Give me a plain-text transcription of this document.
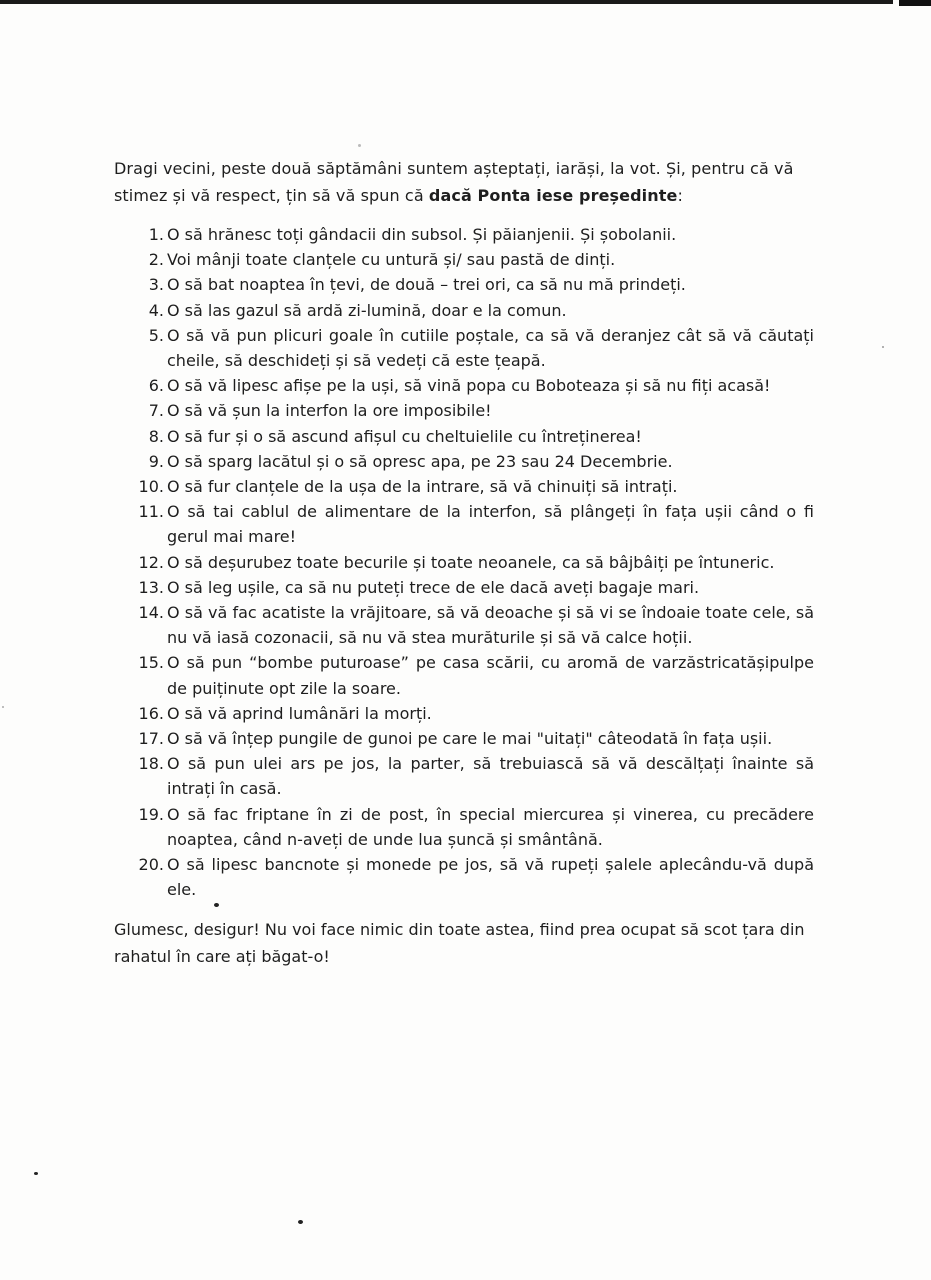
Dragi vecini, peste două săptămâni suntem așteptați, iarăși, la vot. Și, pentru că vă stimez și vă respect, țin să vă spun că dacă Ponta iese președinte:

1. O să hrănesc toți gândacii din subsol. Și păianjenii. Și șobolanii.
2. Voi mânji toate clanțele cu untură și/ sau pastă de dinți.
3. O să bat noaptea în țevi, de două – trei ori, ca să nu mă prindeți.
4. O să las gazul să ardă zi-lumină, doar e la comun.
5. O să vă pun plicuri goale în cutiile poștale, ca să vă deranjez cât să vă căutați cheile, să deschideți și să vedeți că este țeapă.
6. O să vă lipesc afișe pe la uși, să vină popa cu Boboteaza și să nu fiți acasă!
7. O să vă șun la interfon la ore imposibile!
8. O să fur și o să ascund afișul cu cheltuielile cu întreținerea!
9. O să sparg lacătul și o să opresc apa, pe 23 sau 24 Decembrie.
10. O să fur clanțele de la ușa de la intrare, să vă chinuiți să intrați.
11. O să tai cablul de alimentare de la interfon, să plângeți în fața ușii când o fi gerul mai mare!
12. O să deșurubez toate becurile și toate neoanele, ca să bâjbâiți pe întuneric.
13. O să leg ușile, ca să nu puteți trece de ele dacă aveți bagaje mari.
14. O să vă fac acatiste la vrăjitoare, să vă deoache și să vi se îndoaie toate cele, să nu vă iasă cozonacii, să nu vă stea murăturile și să vă calce hoții.
15. O să pun “bombe puturoase” pe casa scării, cu aromă de varzăstricatășipulpe de puiținute opt zile la soare.
16. O să vă aprind lumânări la morți.
17. O să vă înțep pungile de gunoi pe care le mai "uitați" câteodată în fața ușii.
18. O să pun ulei ars pe jos, la parter, să trebuiască să vă descălțați înainte să intrați în casă.
19. O să fac friptane în zi de post, în special miercurea și vinerea, cu precădere noaptea, când n-aveți de unde lua șuncă și smântână.
20. O să lipesc bancnote și monede pe jos, să vă rupeți șalele aplecându-vă după ele.

Glumesc, desigur! Nu voi face nimic din toate astea, fiind prea ocupat să scot țara din rahatul în care ați băgat-o!
